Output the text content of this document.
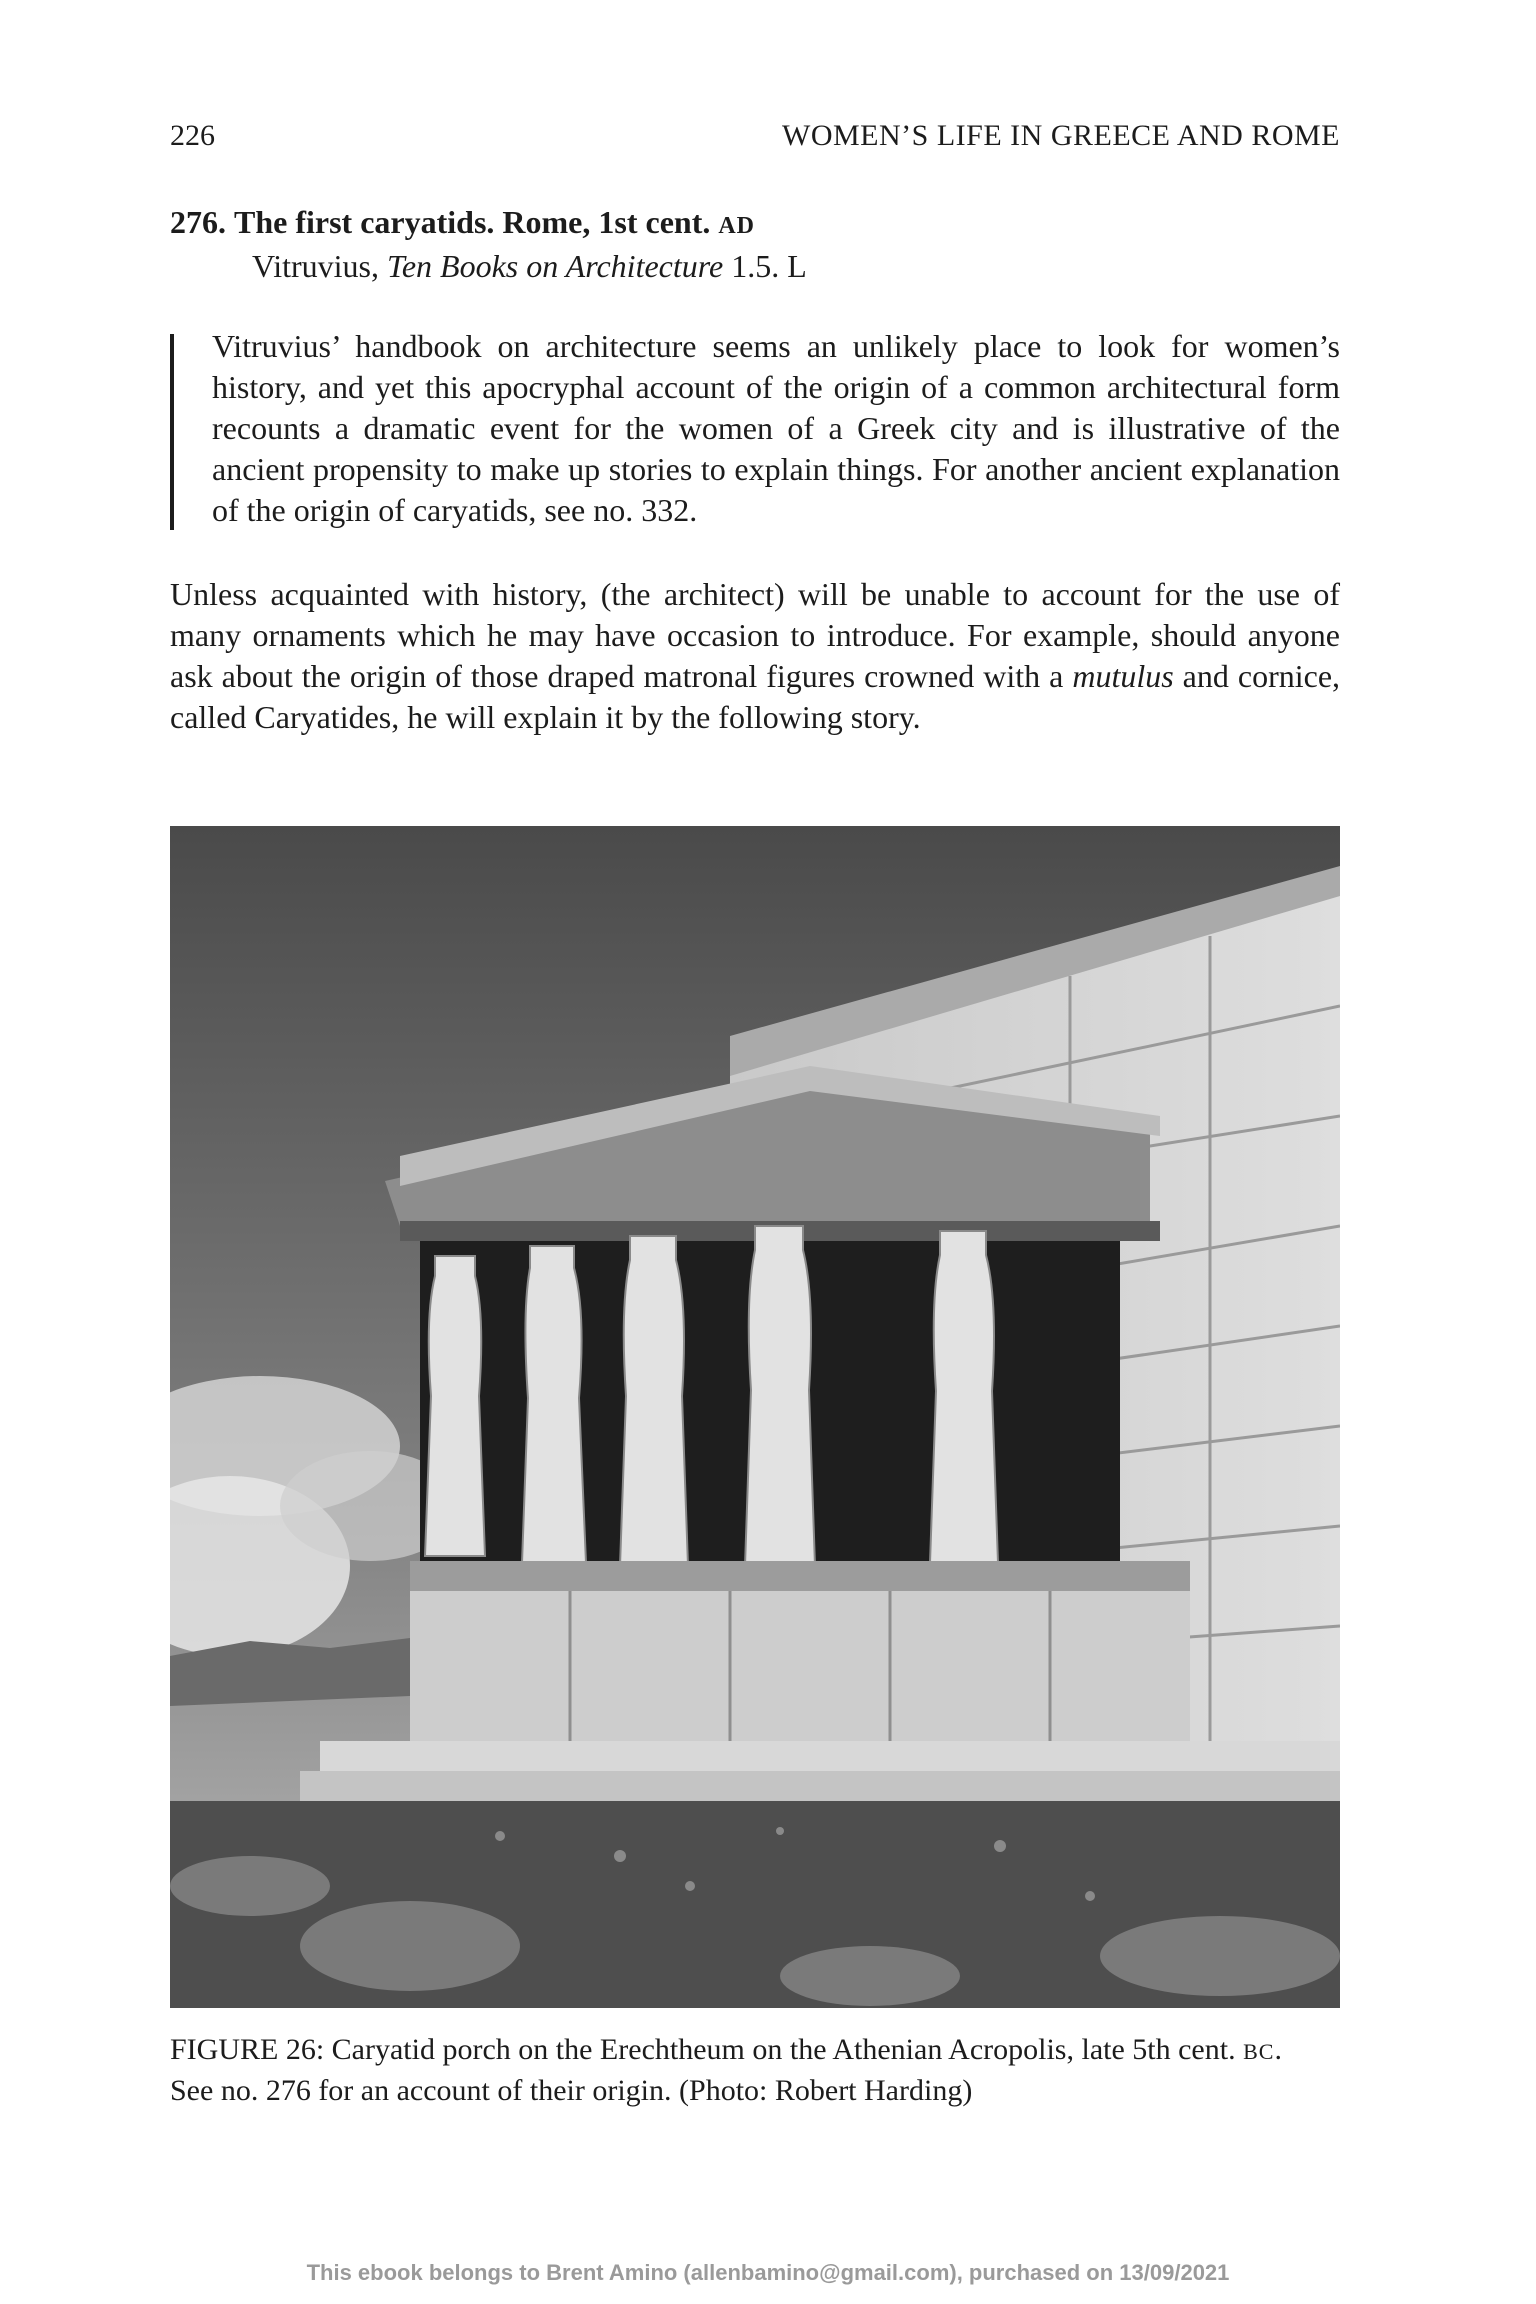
226	WOMEN’S LIFE IN GREECE AND ROME
276. The first caryatids. Rome, 1st cent. AD
Vitruvius, Ten Books on Architecture 1.5. L

Vitruvius’ handbook on architecture seems an unlikely place to look for women’s history, and yet this apocryphal account of the origin of a common architectural form recounts a dramatic event for the women of a Greek city and is illustrative of the ancient propensity to make up stories to explain things. For another ancient explanation of the origin of caryatids, see no. 332.

Unless acquainted with history, (the architect) will be unable to account for the use of many ornaments which he may have occasion to introduce. For example, should anyone ask about the origin of those draped matronal figures crowned with a mutulus and cornice, called Caryatides, he will explain it by the following story.

FIGURE 26: Caryatid porch on the Erechtheum on the Athenian Acropolis, late 5th cent. BC.
See no. 276 for an account of their origin. (Photo: Robert Harding)
This ebook belongs to Brent Amino (allenbamino@gmail.com), purchased on 13/09/2021
